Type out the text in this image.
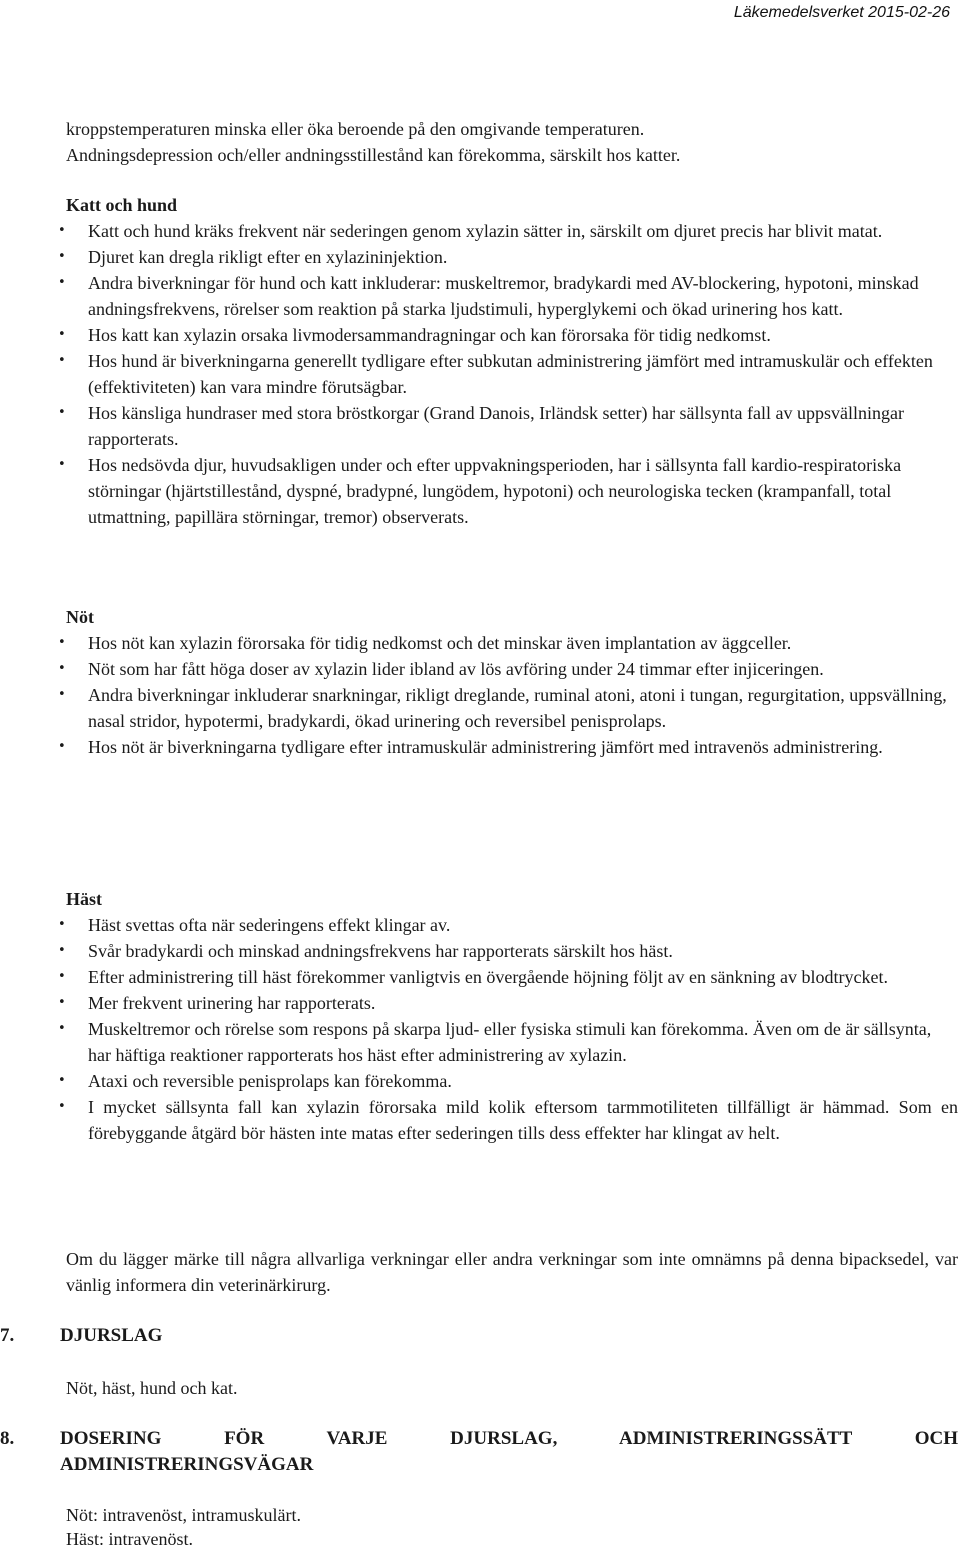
Läkemedelsverket 2015-02-26

kroppstemperaturen minska eller öka beroende på den omgivande temperaturen.

Andningsdepression och/eller andningsstillestånd kan förekomma, särskilt hos katter.

Katt och hund

• Katt och hund kräks frekvent när sederingen genom xylazin sätter in, särskilt om djuret precis har blivit matat.
• Djuret kan dregla rikligt efter en xylazininjektion.
• Andra biverkningar för hund och katt inkluderar: muskeltremor, bradykardi med AV-blockering, hypotoni, minskad andningsfrekvens, rörelser som reaktion på starka ljudstimuli, hyperglykemi och ökad urinering hos katt.
• Hos katt kan xylazin orsaka livmodersammandragningar och kan förorsaka för tidig nedkomst.
• Hos hund är biverkningarna generellt tydligare efter subkutan administrering jämfört med intramuskulär och effekten (effektiviteten) kan vara mindre förutsägbar.
• Hos känsliga hundraser med stora bröstkorgar (Grand Danois, Irländsk setter) har sällsynta fall av uppsvällningar rapporterats.
• Hos nedsövda djur, huvudsakligen under och efter uppvakningsperioden, har i sällsynta fall kardio-respiratoriska störningar (hjärtstillestånd, dyspné, bradypné, lungödem, hypotoni) och neurologiska tecken (krampanfall, total utmattning, papillära störningar, tremor) observerats.

Nöt

• Hos nöt kan xylazin förorsaka för tidig nedkomst och det minskar även implantation av äggceller.
• Nöt som har fått höga doser av xylazin lider ibland av lös avföring under 24 timmar efter injiceringen.
• Andra biverkningar inkluderar snarkningar, rikligt dreglande, ruminal atoni, atoni i tungan, regurgitation, uppsvällning, nasal stridor, hypotermi, bradykardi, ökad urinering och reversibel penisprolaps.
• Hos nöt är biverkningarna tydligare efter intramuskulär administrering jämfört med intravenös administrering.

Häst

• Häst svettas ofta när sederingens effekt klingar av.
• Svår bradykardi och minskad andningsfrekvens har rapporterats särskilt hos häst.
• Efter administrering till häst förekommer vanligtvis en övergående höjning följt av en sänkning av blodtrycket.
• Mer frekvent urinering har rapporterats.
• Muskeltremor och rörelse som respons på skarpa ljud- eller fysiska stimuli kan förekomma. Även om de är sällsynta, har häftiga reaktioner rapporterats hos häst efter administrering av xylazin.
• Ataxi och reversible penisprolaps kan förekomma.
• I mycket sällsynta fall kan xylazin förorsaka mild kolik eftersom tarmmotiliteten tillfälligt är hämmad. Som en förebyggande åtgärd bör hästen inte matas efter sederingen tills dess effekter har klingat av helt.
Om du lägger märke till några allvarliga verkningar eller andra verkningar som inte omnämns på denna bipacksedel, var vänlig informera din veterinärkirurg.
7. DJURSLAG
Nöt, häst, hund och kat.
8. DOSERING FÖR VARJE DJURSLAG, ADMINISTRERINGSSÄTT OCH
ADMINISTRERINGSVÄGAR

Nöt: intravenöst, intramuskulärt.

Häst: intravenöst.
